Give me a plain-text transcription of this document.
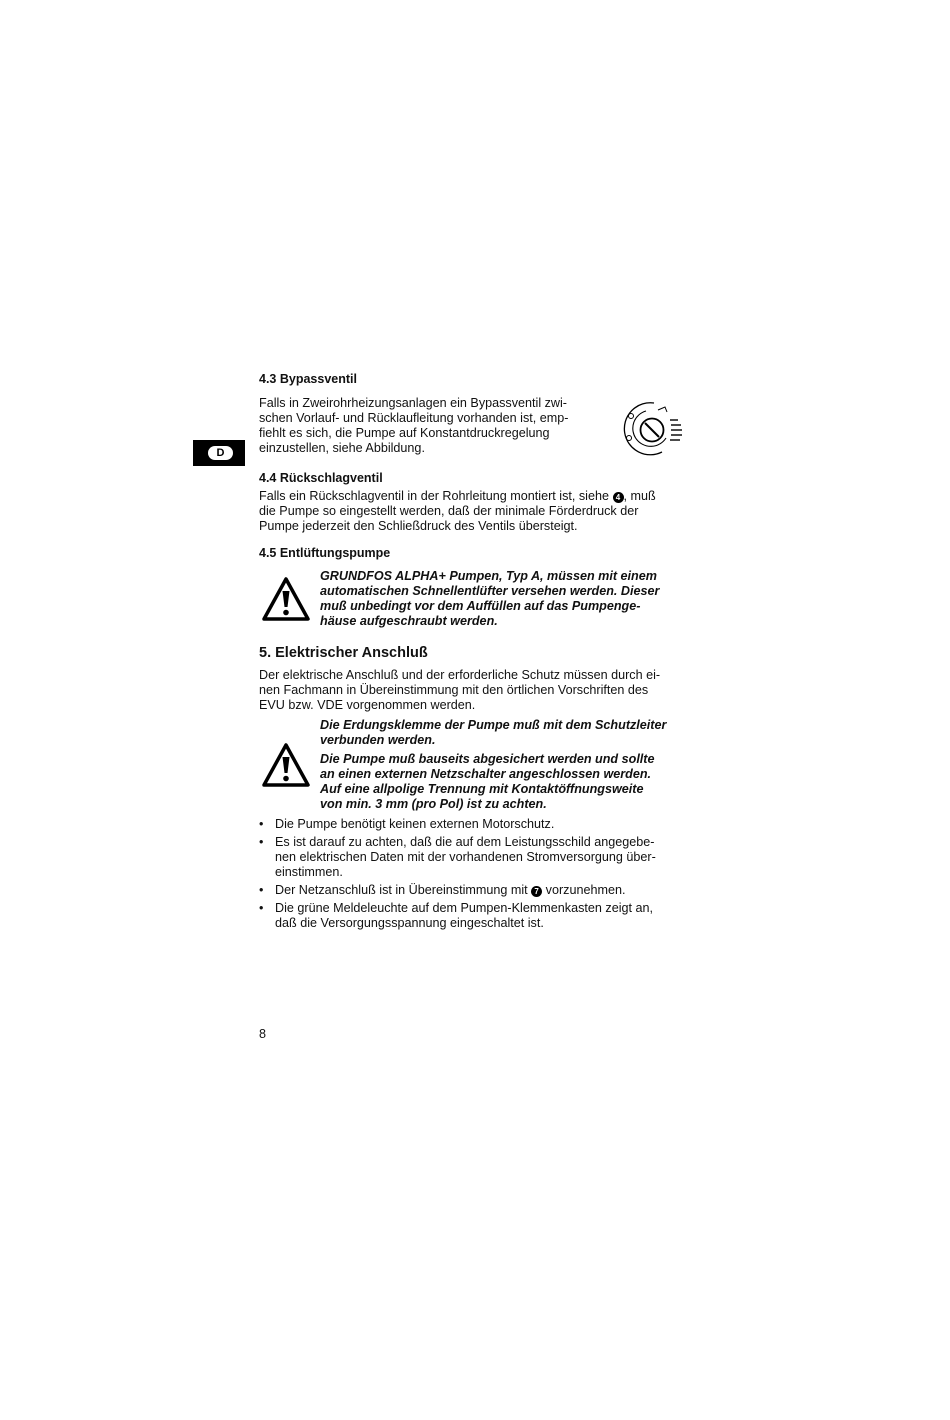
D
4.3 Bypassventil
Falls in Zweirohrheizungsanlagen ein Bypassventil zwi-
schen Vorlauf- und Rücklaufleitung vorhanden ist, emp-
fiehlt es sich, die Pumpe auf Konstantdruckregelung
einzustellen, siehe Abbildung.
4.4 Rückschlagventil
Falls ein Rückschlagventil in der Rohrleitung montiert ist, siehe 4 , muß
die Pumpe so eingestellt werden, daß der minimale Förderdruck der
Pumpe jederzeit den Schließdruck des Ventils übersteigt.
4.5 Entlüftungspumpe
GRUNDFOS ALPHA+ Pumpen, Typ A, müssen mit einem
automatischen Schnellentlüfter versehen werden. Dieser
muß unbedingt vor dem Auffüllen auf das Pumpenge-
häuse aufgeschraubt werden.
5. Elektrischer Anschluß
Der elektrische Anschluß und der erforderliche Schutz müssen durch ei-
nen Fachmann in Übereinstimmung mit den örtlichen Vorschriften des
EVU bzw. VDE vorgenommen werden.
Die Erdungsklemme der Pumpe muß mit dem Schutzleiter
verbunden werden.
Die Pumpe muß bauseits abgesichert werden und sollte
an einen externen Netzschalter angeschlossen werden.
Auf eine allpolige Trennung mit Kontaktöffnungsweite
von min. 3 mm (pro Pol) ist zu achten.
• Die Pumpe benötigt keinen externen Motorschutz.
• Es ist darauf zu achten, daß die auf dem Leistungsschild angegebe-
nen elektrischen Daten mit der vorhandenen Stromversorgung über-
einstimmen.
• Der Netzanschluß ist in Übereinstimmung mit 7 vorzunehmen.
• Die grüne Meldeleuchte auf dem Pumpen-Klemmenkasten zeigt an,
daß die Versorgungsspannung eingeschaltet ist.
8
